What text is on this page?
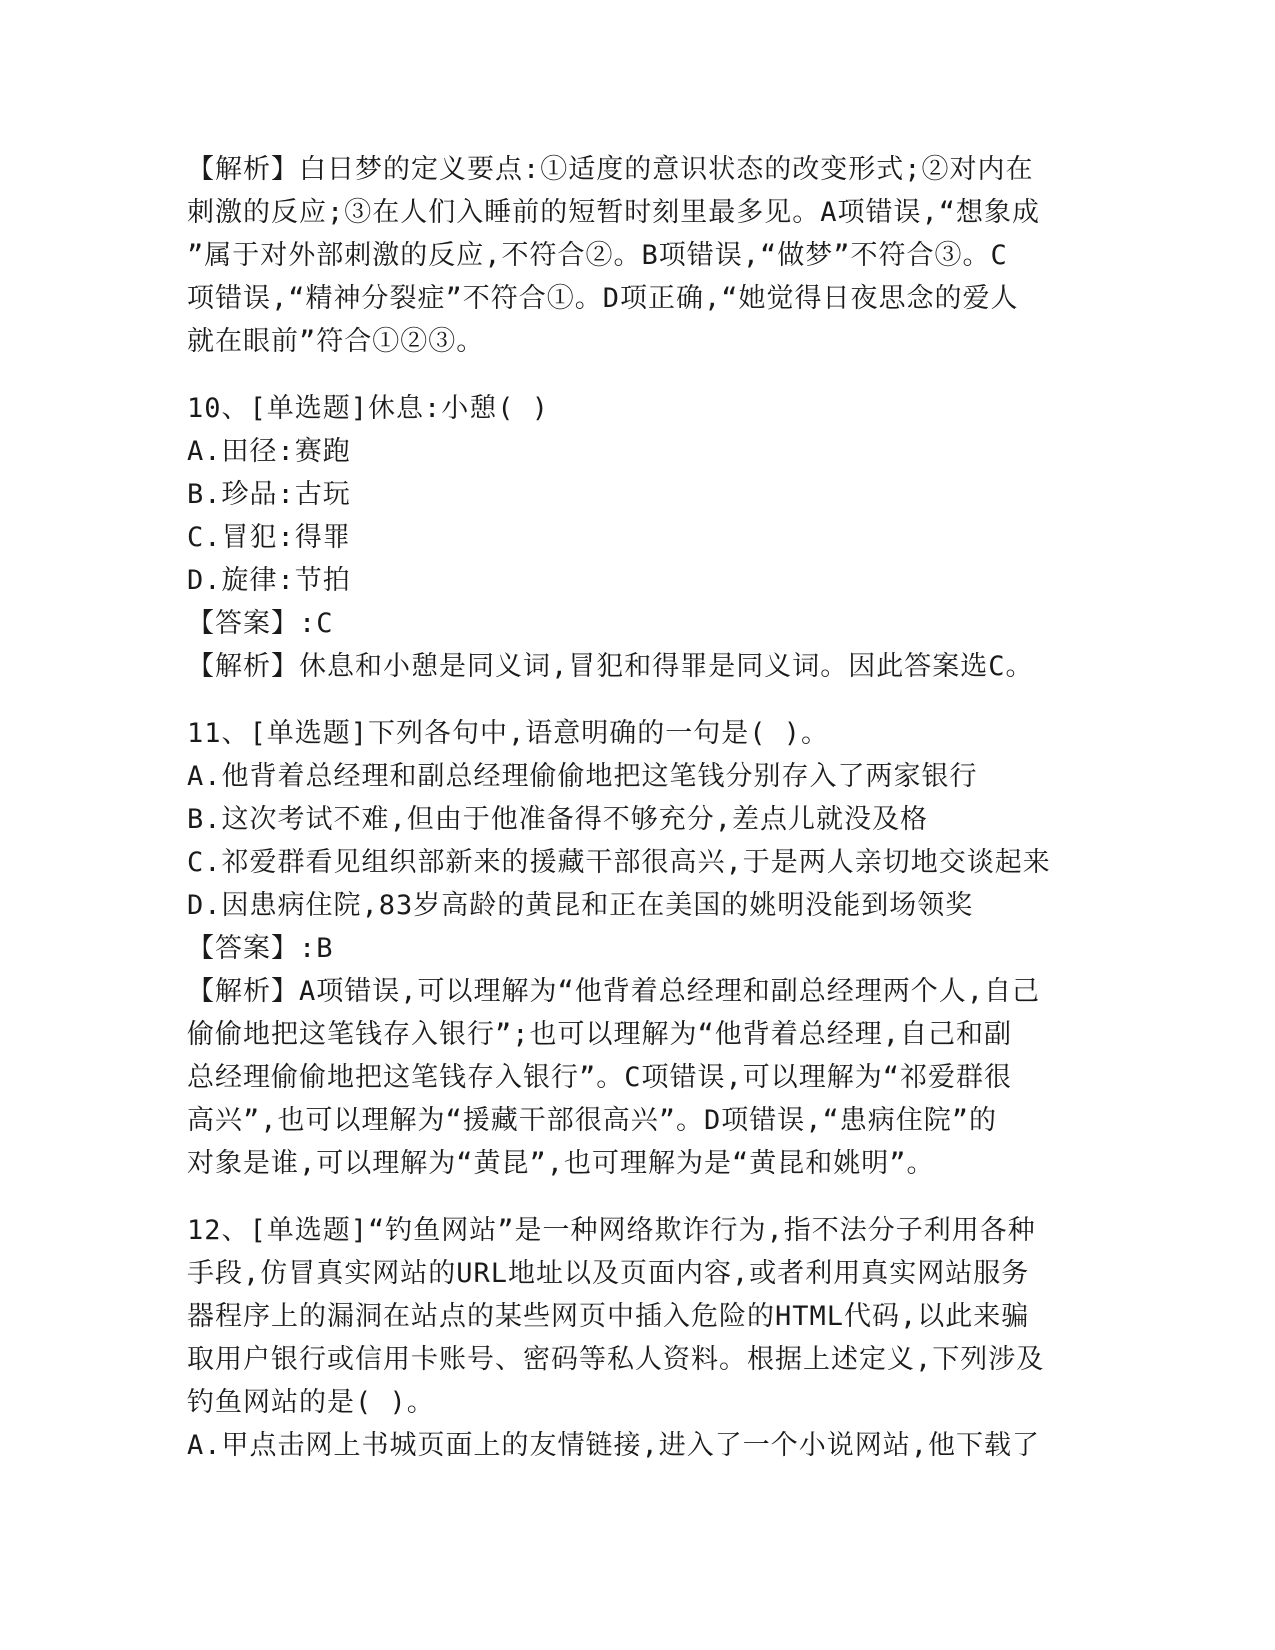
【解析】白日梦的定义要点:①适度的意识状态的改变形式;②对内在
刺激的反应;③在人们入睡前的短暂时刻里最多见。A项错误,“想象成
”属于对外部刺激的反应,不符合②。B项错误,“做梦”不符合③。C
项错误,“精神分裂症”不符合①。D项正确,“她觉得日夜思念的爱人
就在眼前”符合①②③。
10、[单选题]休息:小憩( )
A.田径:赛跑
B.珍品:古玩
C.冒犯:得罪
D.旋律:节拍
【答案】:C
【解析】休息和小憩是同义词,冒犯和得罪是同义词。因此答案选C。
11、[单选题]下列各句中,语意明确的一句是( )。
A.他背着总经理和副总经理偷偷地把这笔钱分别存入了两家银行
B.这次考试不难,但由于他准备得不够充分,差点儿就没及格
C.祁爱群看见组织部新来的援藏干部很高兴,于是两人亲切地交谈起来
D.因患病住院,83岁高龄的黄昆和正在美国的姚明没能到场领奖
【答案】:B
【解析】A项错误,可以理解为“他背着总经理和副总经理两个人,自己
偷偷地把这笔钱存入银行”;也可以理解为“他背着总经理,自己和副
总经理偷偷地把这笔钱存入银行”。C项错误,可以理解为“祁爱群很
高兴”,也可以理解为“援藏干部很高兴”。D项错误,“患病住院”的
对象是谁,可以理解为“黄昆”,也可理解为是“黄昆和姚明”。
12、[单选题]“钓鱼网站”是一种网络欺诈行为,指不法分子利用各种
手段,仿冒真实网站的URL地址以及页面内容,或者利用真实网站服务
器程序上的漏洞在站点的某些网页中插入危险的HTML代码,以此来骗
取用户银行或信用卡账号、密码等私人资料。根据上述定义,下列涉及
钓鱼网站的是( )。
A.甲点击网上书城页面上的友情链接,进入了一个小说网站,他下载了
